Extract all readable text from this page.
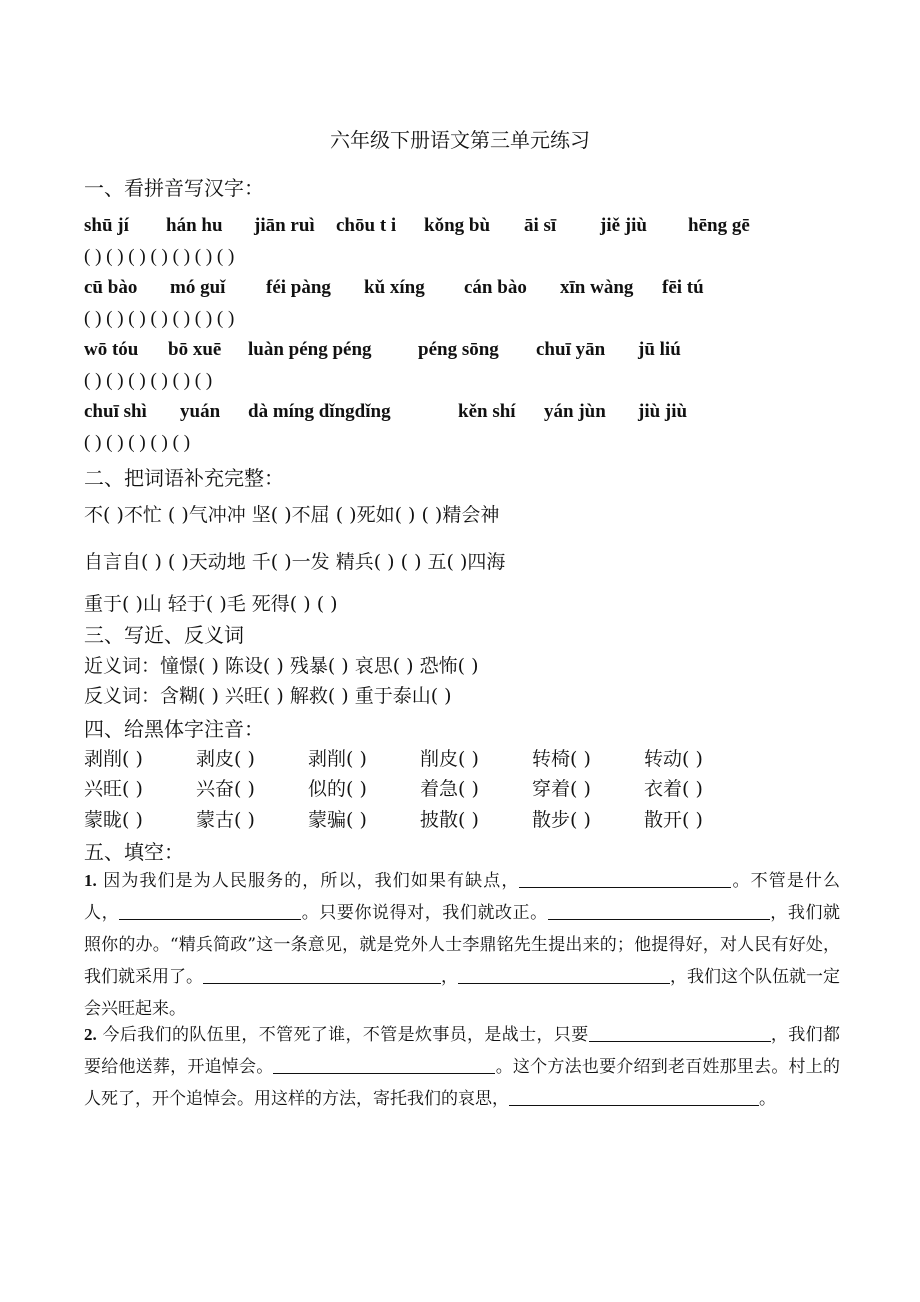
六年级下册语文第三单元练习
一、看拼音写汉字：
shū jí hán hu jiān ruì chōu t i kǒng bù āi sī jiě jiù hēng gē
( ) ( ) ( ) ( ) ( ) ( ) ( )
cū bào mó guǐ féi pàng kǔ xíng cán bào xīn wàng fēi tú
( ) ( ) ( ) ( ) ( ) ( ) ( )
wō tóu bō xuē luàn péng péng péng sōng chuī yān jū liú
( ) ( ) ( ) ( ) ( ) ( )
chuī shì yuán dà míng dǐngdǐng	kěn shí yán jùn jiù jiù
( ) ( ) ( ) ( ) ( )
二、把词语补充完整：
不( )不忙 ( )气冲冲 坚( )不屈 ( )死如( ) ( )精会神
自言自( ) ( )天动地 千( )一发 精兵( ) ( ) 五( )四海
重于( )山 轻于( )毛 死得( ) ( )
三、写近、反义词
近义词：憧憬( ) 陈设( ) 残暴( ) 哀思( ) 恐怖( )
反义词：含糊( ) 兴旺( ) 解救( ) 重于泰山( )
四、给黑体字注音：
剥削( )	剥皮( )	剥削( )	削皮( )	转椅( )	转动( )
兴旺( )	兴奋( )	似的( )	着急( )	穿着( )	衣着( )
蒙眬( )	蒙古( )	蒙骗( )	披散( )	散步( )	散开( )
五、填空：
1. 因为我们是为人民服务的，所以，我们如果有缺点，	。不管是什么人，	。只要你说得对，我们就改正。	，我们就照你的办。“精兵简政”这一条意见，就是党外人士李鼎铭先生提出来的；他提得好，对人民有好处，我们就采用了。	，	，我们这个队伍就一定会兴旺起来。
2. 今后我们的队伍里，不管死了谁，不管是炊事员，是战士，只要	，我们都要给他送葬，开追悼会。	。这个方法也要介绍到老百姓那里去。村上的人死了，开个追悼会。用这样的方法，寄托我们的哀思，	。
